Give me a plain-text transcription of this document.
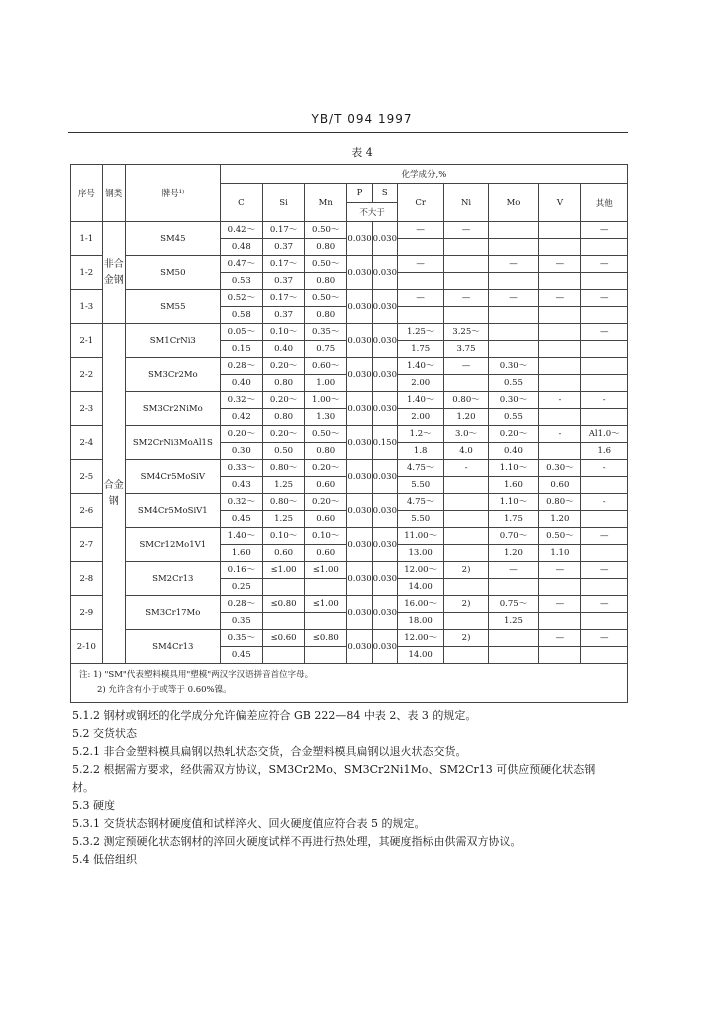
YB/T 094 1997
表 4
序号	钢类	牌号¹⁾	化学成分,%									
			C	Si	Mn	P	S	Cr	Ni	Mo	V	其他
						不大于						
1-1	非合金钢	SM45	0.42～	0.17～	0.50～	0.030	0.030	—	—			—
			0.48	0.37	0.80							
1-2		SM50	0.47～	0.17～	0.50～	0.030	0.030	—		—	—	—
			0.53	0.37	0.80							
1-3		SM55	0.52～	0.17～	0.50～	0.030	0.030	—	—	—	—	—
			0.58	0.37	0.80							
2-1	合金钢	SM1CrNi3	0.05～	0.10～	0.35～	0.030	0.030	1.25～	3.25～			—
			0.15	0.40	0.75			1.75	3.75			
2-2		SM3Cr2Mo	0.28～	0.20～	0.60～	0.030	0.030	1.40～	—	0.30～		
			0.40	0.80	1.00			2.00		0.55		
2-3		SM3Cr2NiMo	0.32～	0.20～	1.00～	0.030	0.030	1.40～	0.80～	0.30～	-	-
			0.42	0.80	1.30			2.00	1.20	0.55		
2-4		SM2CrNi3MoAl1S	0.20～	0.20～	0.50～	0.030	0.150	1.2～	3.0～	0.20～	-	Al1.0～
			0.30	0.50	0.80			1.8	4.0	0.40		1.6
2-5		SM4Cr5MoSiV	0.33～	0.80～	0.20～	0.030	0.030	4.75～	-	1.10～	0.30～	-
			0.43	1.25	0.60			5.50		1.60	0.60	
2-6		SM4Cr5MoSiV1	0.32～	0.80～	0.20～	0.030	0.030	4.75～		1.10～	0.80～	-
			0.45	1.25	0.60			5.50		1.75	1.20	
2-7		SMCr12Mo1V1	1.40～	0.10～	0.10～	0.030	0.030	11.00～		0.70～	0.50～	—
			1.60	0.60	0.60			13.00		1.20	1.10	
2-8		SM2Cr13	0.16～	≤1.00	≤1.00	0.030	0.030	12.00～	2)	—	—	—
			0.25					14.00				
2-9		SM3Cr17Mo	0.28～	≤0.80	≤1.00	0.030	0.030	16.00～	2)	0.75～	—	—
			0.35					18.00		1.25		
2-10		SM4Cr13	0.35～	≤0.60	≤0.80	0.030	0.030	12.00～	2)		—	—
			0.45					14.00				

注: 1) "SM"代表塑料模具用"塑模"两汉字汉语拼音首位字母。
2) 允许含有小于或等于 0.60%镍。												
5.1.2 钢材或钢坯的化学成分允许偏差应符合 GB 222—84 中表 2、表 3 的规定。
5.2 交货状态
5.2.1 非合金塑料模具扁钢以热轧状态交货，合金塑料模具扁钢以退火状态交货。
5.2.2 根据需方要求，经供需双方协议，SM3Cr2Mo、SM3Cr2Ni1Mo、SM2Cr13 可供应预硬化状态钢
材。
5.3 硬度
5.3.1 交货状态钢材硬度值和试样淬火、回火硬度值应符合表 5 的规定。
5.3.2 测定预硬化状态钢材的淬回火硬度试样不再进行热处理，其硬度指标由供需双方协议。
5.4 低倍组织
